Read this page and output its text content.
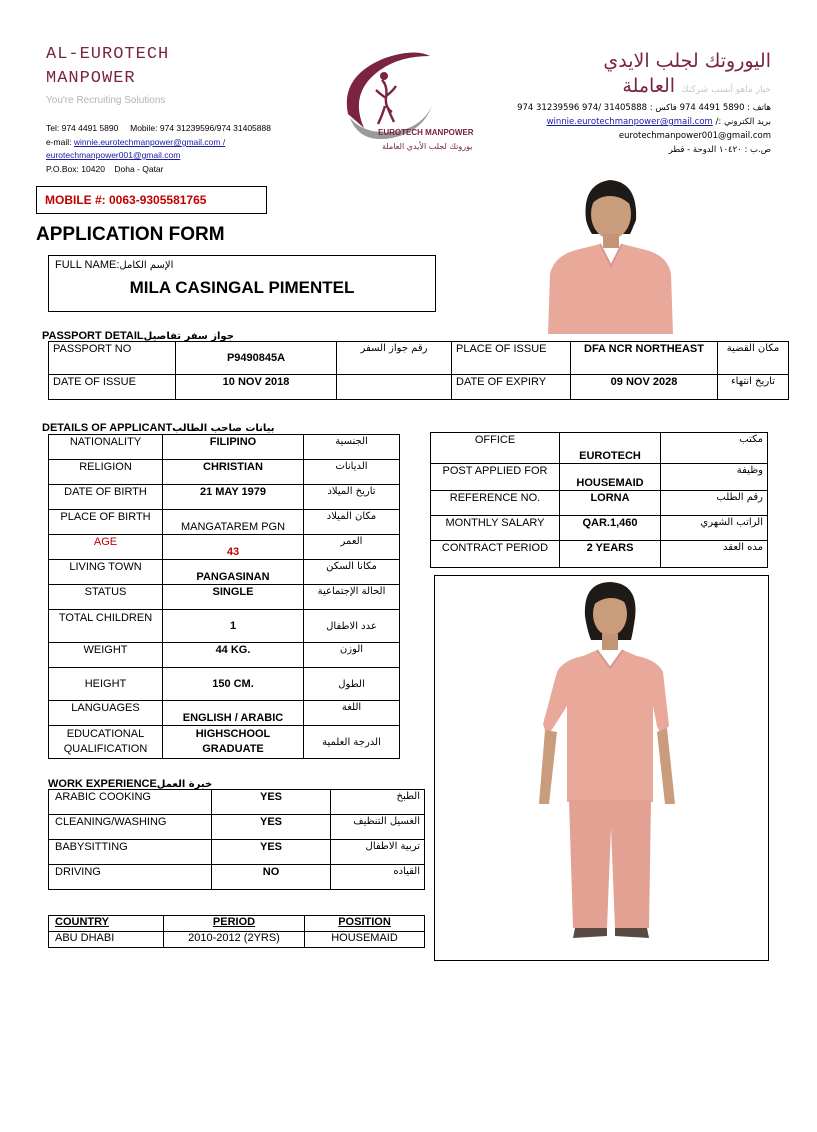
AL-EUROTECH
MANPOWER
You're Recruiting Solutions
Tel: 974 4491 5890     Mobile: 974 31239596/974 31405888
e-mail: winnie.eurotechmanpower@gmail.com /
eurotechmanpower001@gmail.com
P.O.Box: 10420    Doha - Qatar
EUROTECH MANPOWER
يوروتك لجلب الأيدي العاملة
اليوروتك لجلب الايدي
خيار ماهو أنسب شركتك العاملة
هاتف : 5890 4491 974 فاكس : 31405888 /974 31239596 974
بريد الكتروني :/ winnie.eurotechmanpower@gmail.com
eurotechmanpower001@gmail.com
ص.ب : ١٠٤٢٠ الدوحة - قطر
MOBILE #: 0063-9305581765
APPLICATION FORM
FULL NAME:الإسم الكامل
MILA CASINGAL PIMENTEL
PASSPORT DETAILجواز سفر تفاصيل
PASSPORT NO	P9490845A	رقم جواز السفر	PLACE OF ISSUE	DFA NCR NORTHEAST	مكان القضية
DATE OF ISSUE	10 NOV 2018		DATE OF EXPIRY	09 NOV 2028	تاريخ انتهاء
DETAILS OF APPLICANTبيانات صاحب الطالب
NATIONALITY	FILIPINO	الجنسية
RELIGION	CHRISTIAN	الديانات
DATE OF BIRTH	21 MAY 1979	تاريخ الميلاد
PLACE OF BIRTH	MANGATAREM PGN	مكان الميلاد
AGE	43	العمر
LIVING TOWN	PANGASINAN	مكانا السكن
STATUS	SINGLE	الحالة الإجتماعية
TOTAL CHILDREN	1	عدد الاطفال
WEIGHT	44 KG.	الوزن
HEIGHT	150 CM.	الطول
LANGUAGES	ENGLISH / ARABIC	اللغة
EDUCATIONAL QUALIFICATION	HIGHSCHOOL GRADUATE	الدرجة العلمية
OFFICE	EUROTECH	مكتب
POST APPLIED FOR	HOUSEMAID	وظيفة
REFERENCE NO.	LORNA	رقم الطلب
MONTHLY SALARY	QAR.1,460	الراتب الشهري
CONTRACT PERIOD	2 YEARS	مده العقد
WORK EXPERIENCEخبرة العمل
ARABIC COOKING	YES	الطبخ
CLEANING/WASHING	YES	الغسيل التنظيف
BABYSITTING	YES	تربية الاطفال
DRIVING	NO	القياده
COUNTRY	PERIOD	POSITION
ABU DHABI	2010-2012 (2YRS)	HOUSEMAID
